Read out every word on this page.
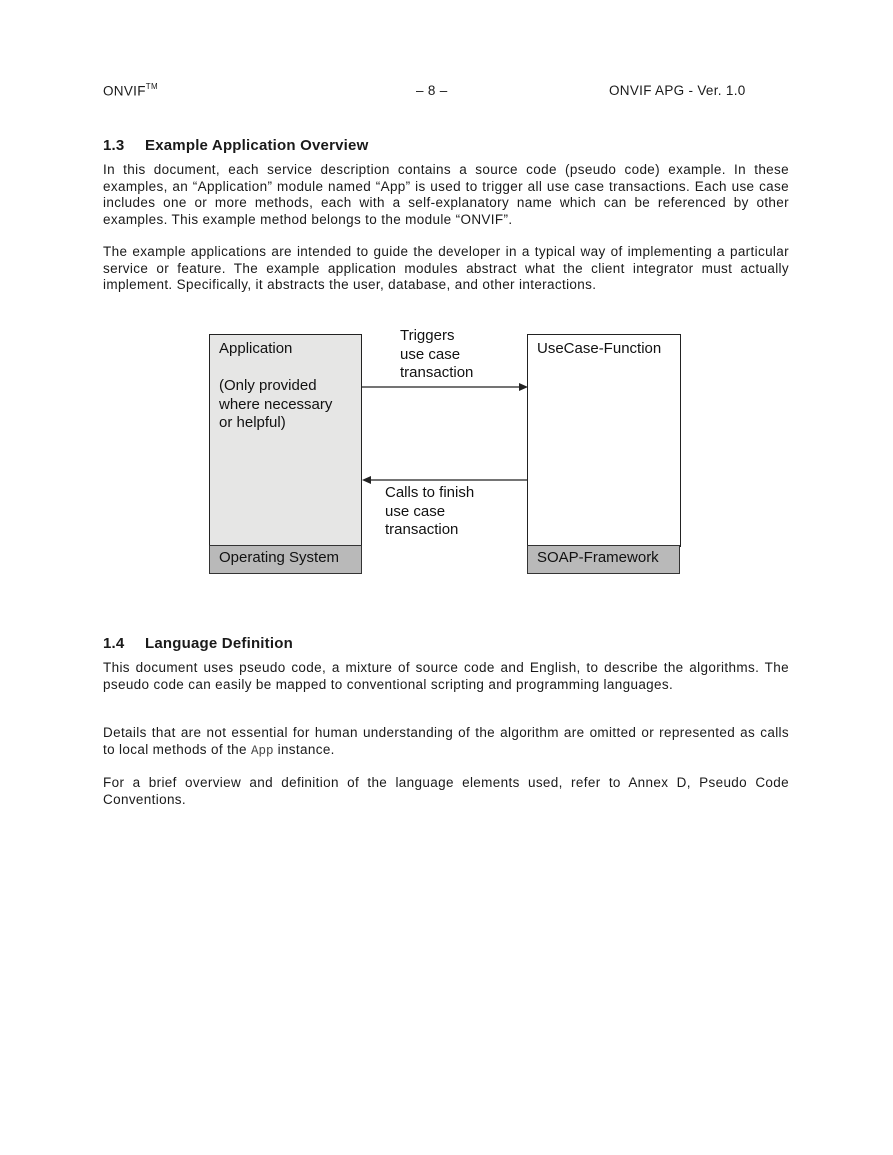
ONVIF™	– 8 –	ONVIF APG - Ver. 1.0
1.3 Example Application Overview

In this document, each service description contains a source code (pseudo code) example. In these examples, an “Application” module named “App” is used to trigger all use case transactions. Each use case includes one or more methods, each with a self-explanatory name which can be referenced by other examples. This example method belongs to the module “ONVIF”.

The example applications are intended to guide the developer in a typical way of implementing a particular service or feature. The example application modules abstract what the client integrator must actually implement. Specifically, it abstracts the user, database, and other interactions.

Application
(Only provided
where necessary
or helpful)
Operating System
UseCase-Function
SOAP-Framework
Triggers
use case
transaction
Calls to finish
use case
transaction
1.4 Language Definition

This document uses pseudo code, a mixture of source code and English, to describe the algorithms. The pseudo code can easily be mapped to conventional scripting and programming languages.

Details that are not essential for human understanding of the algorithm are omitted or represented as calls to local methods of the App instance.

For a brief overview and definition of the language elements used, refer to Annex D, Pseudo Code Conventions.
